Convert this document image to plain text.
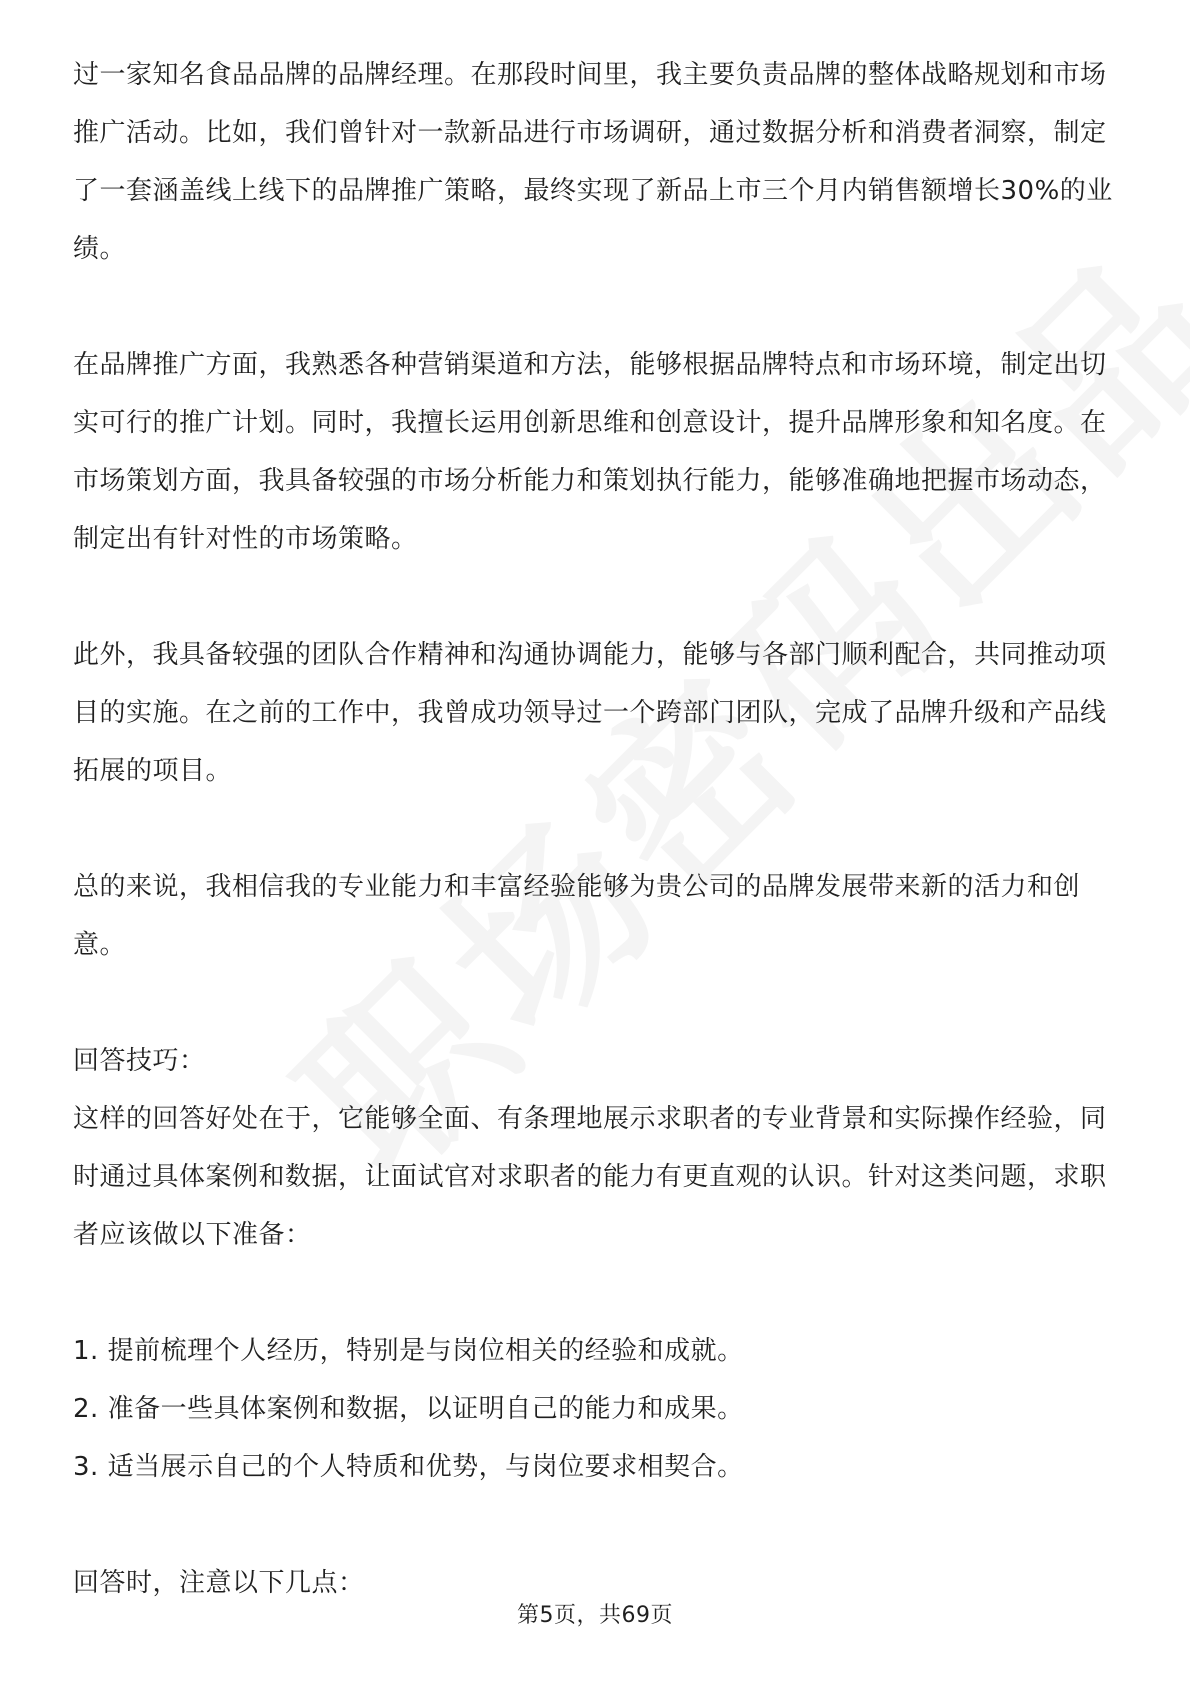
过一家知名食品品牌的品牌经理。在那段时间里，我主要负责品牌的整体战略规划和市场推广活动。比如，我们曾针对一款新品进行市场调研，通过数据分析和消费者洞察，制定了一套涵盖线上线下的品牌推广策略，最终实现了新品上市三个月内销售额增长30%的业绩。

在品牌推广方面，我熟悉各种营销渠道和方法，能够根据品牌特点和市场环境，制定出切实可行的推广计划。同时，我擅长运用创新思维和创意设计，提升品牌形象和知名度。在市场策划方面，我具备较强的市场分析能力和策划执行能力，能够准确地把握市场动态，制定出有针对性的市场策略。

此外，我具备较强的团队合作精神和沟通协调能力，能够与各部门顺利配合，共同推动项目的实施。在之前的工作中，我曾成功领导过一个跨部门团队，完成了品牌升级和产品线拓展的项目。

总的来说，我相信我的专业能力和丰富经验能够为贵公司的品牌发展带来新的活力和创意。

回答技巧：

这样的回答好处在于，它能够全面、有条理地展示求职者的专业背景和实际操作经验，同时通过具体案例和数据，让面试官对求职者的能力有更直观的认识。针对这类问题，求职者应该做以下准备：

1. 提前梳理个人经历，特别是与岗位相关的经验和成就。

2. 准备一些具体案例和数据，以证明自己的能力和成果。

3. 适当展示自己的个人特质和优势，与岗位要求相契合。

回答时，注意以下几点：

第5页，共69页
